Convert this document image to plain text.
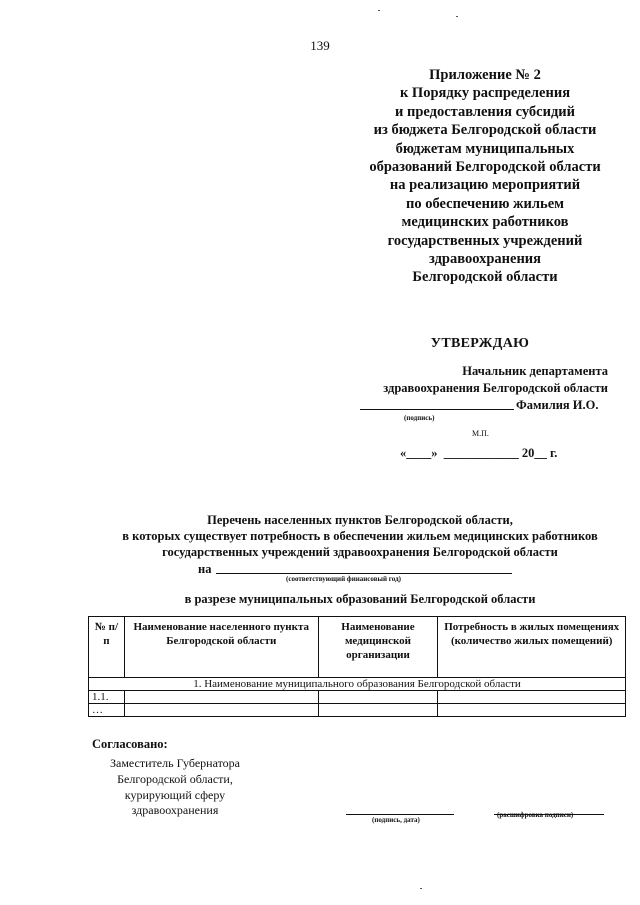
139
Приложение № 2
к Порядку распределения
и предоставления субсидий
из бюджета Белгородской области
бюджетам муниципальных
образований Белгородской области
на реализацию мероприятий
по обеспечению жильем
медицинских работников
государственных учреждений
здравоохранения
Белгородской области
УТВЕРЖДАЮ
Начальник департамента
здравоохранения Белгородской области
Фамилия И.О.
(подпись)
М.П.
«____»  ____________ 20__ г.
Перечень населенных пунктов Белгородской области,
в которых существует потребность в обеспечении жильем медицинских работников
государственных учреждений здравоохранения Белгородской области
на
(соответствующий финансовый год)
в разрезе муниципальных образований Белгородской области
№ п/п	Наименование населенного пункта Белгородской области	Наименование медицинской организации	Потребность в жилых помещениях (количество жилых помещений)
1. Наименование муниципального образования Белгородской области			
1.1.			
…			
Согласовано:
Заместитель Губернатора
Белгородской области,
курирующий сферу
здравоохранения
(подпись, дата)
(расшифровка подписи)
